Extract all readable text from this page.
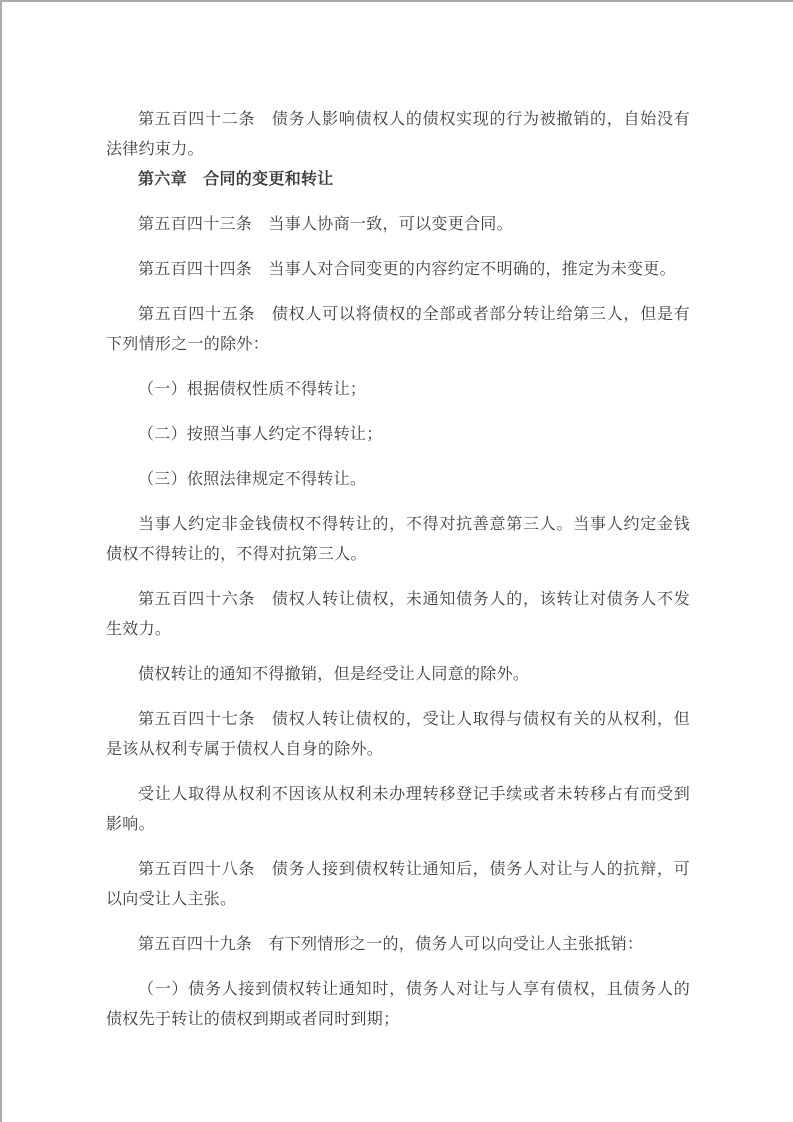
第五百四十二条　债务人影响债权人的债权实现的行为被撤销的，自始没有法律约束力。

第六章　合同的变更和转让

第五百四十三条　当事人协商一致，可以变更合同。

第五百四十四条　当事人对合同变更的内容约定不明确的，推定为未变更。

第五百四十五条　债权人可以将债权的全部或者部分转让给第三人，但是有下列情形之一的除外：

（一）根据债权性质不得转让；

（二）按照当事人约定不得转让；

（三）依照法律规定不得转让。

当事人约定非金钱债权不得转让的，不得对抗善意第三人。当事人约定金钱债权不得转让的，不得对抗第三人。

第五百四十六条　债权人转让债权，未通知债务人的，该转让对债务人不发生效力。

债权转让的通知不得撤销，但是经受让人同意的除外。

第五百四十七条　债权人转让债权的，受让人取得与债权有关的从权利，但是该从权利专属于债权人自身的除外。

受让人取得从权利不因该从权利未办理转移登记手续或者未转移占有而受到影响。

第五百四十八条　债务人接到债权转让通知后，债务人对让与人的抗辩，可以向受让人主张。

第五百四十九条　有下列情形之一的，债务人可以向受让人主张抵销：

（一）债务人接到债权转让通知时，债务人对让与人享有债权，且债务人的债权先于转让的债权到期或者同时到期；
